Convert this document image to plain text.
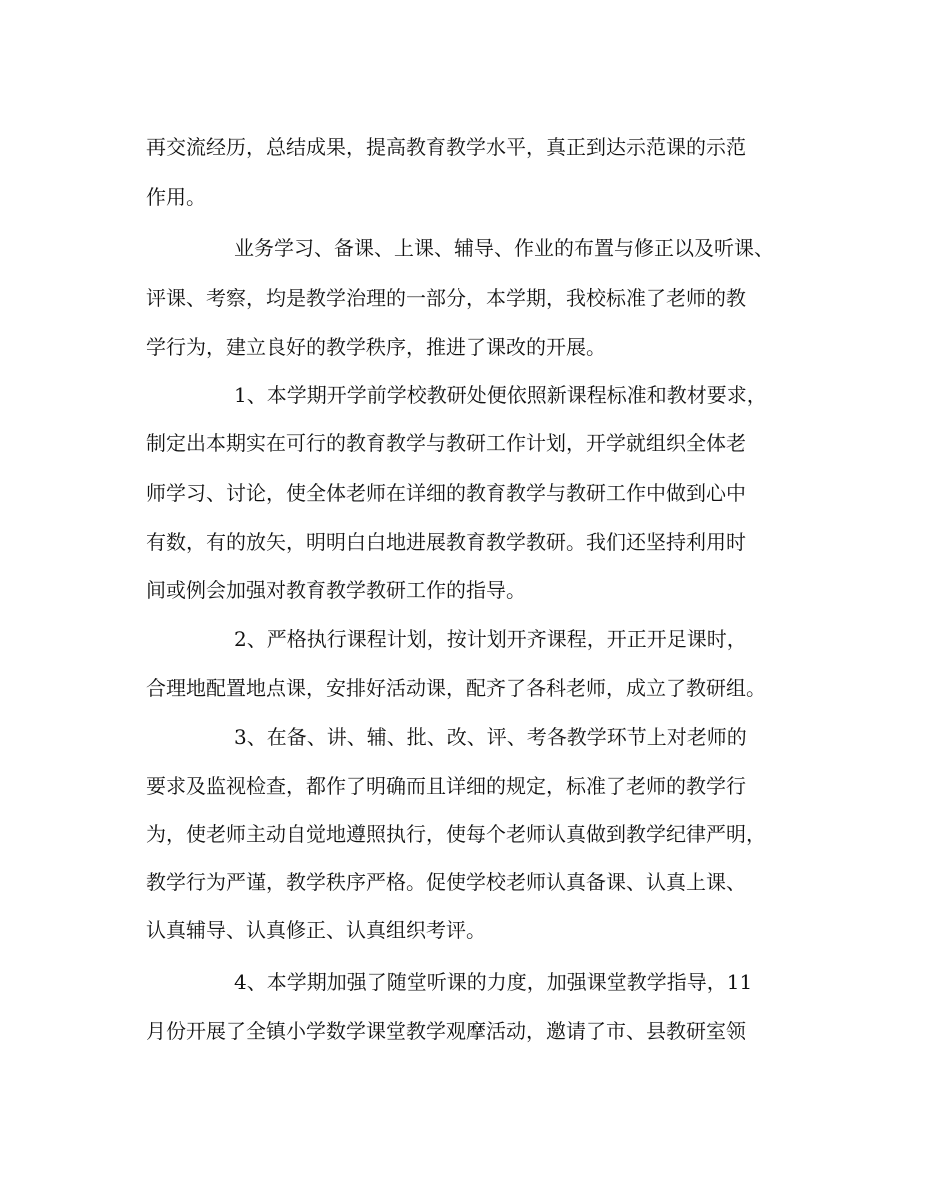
再交流经历，总结成果，提高教育教学水平，真正到达示范课的示范
作用。
业务学习、备课、上课、辅导、作业的布置与修正以及听课、
评课、考察，均是教学治理的一部分，本学期，我校标准了老师的教
学行为，建立良好的教学秩序，推进了课改的开展。
1、本学期开学前学校教研处便依照新课程标准和教材要求，
制定出本期实在可行的教育教学与教研工作计划，开学就组织全体老
师学习、讨论，使全体老师在详细的教育教学与教研工作中做到心中
有数，有的放矢，明明白白地进展教育教学教研。我们还坚持利用时
间或例会加强对教育教学教研工作的指导。
2、严格执行课程计划，按计划开齐课程，开正开足课时，
合理地配置地点课，安排好活动课，配齐了各科老师，成立了教研组。
3、在备、讲、辅、批、改、评、考各教学环节上对老师的
要求及监视检查，都作了明确而且详细的规定，标准了老师的教学行
为，使老师主动自觉地遵照执行，使每个老师认真做到教学纪律严明，
教学行为严谨，教学秩序严格。促使学校老师认真备课、认真上课、
认真辅导、认真修正、认真组织考评。
4、本学期加强了随堂听课的力度，加强课堂教学指导，11
月份开展了全镇小学数学课堂教学观摩活动，邀请了市、县教研室领
